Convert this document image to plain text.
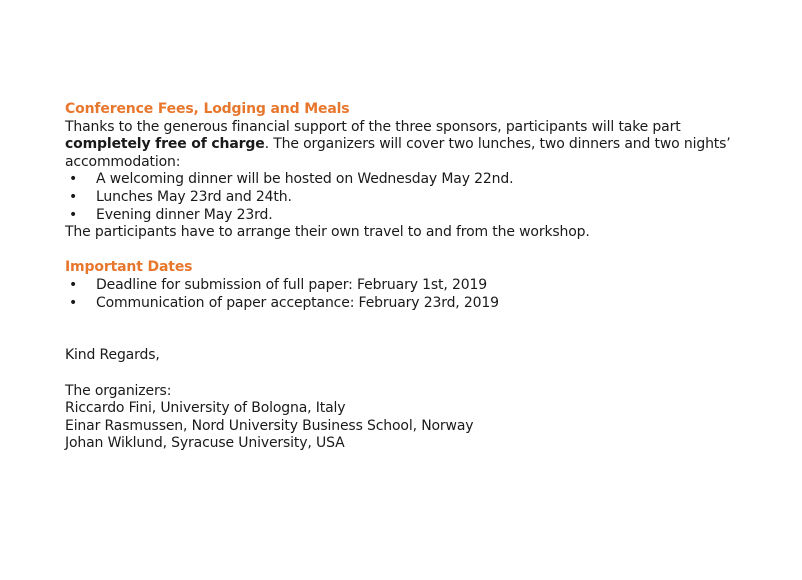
Conference Fees, Lodging and Meals

Thanks to the generous financial support of the three sponsors, participants will take part completely free of charge. The organizers will cover two lunches, two dinners and two nights’ accommodation:

• A welcoming dinner will be hosted on Wednesday May 22nd.
• Lunches May 23rd and 24th.
• Evening dinner May 23rd.

The participants have to arrange their own travel to and from the workshop.

Important Dates
• Deadline for submission of full paper: February 1st, 2019
• Communication of paper acceptance: February 23rd, 2019

Kind Regards,

The organizers:

Riccardo Fini, University of Bologna, Italy

Einar Rasmussen, Nord University Business School, Norway

Johan Wiklund, Syracuse University, USA
